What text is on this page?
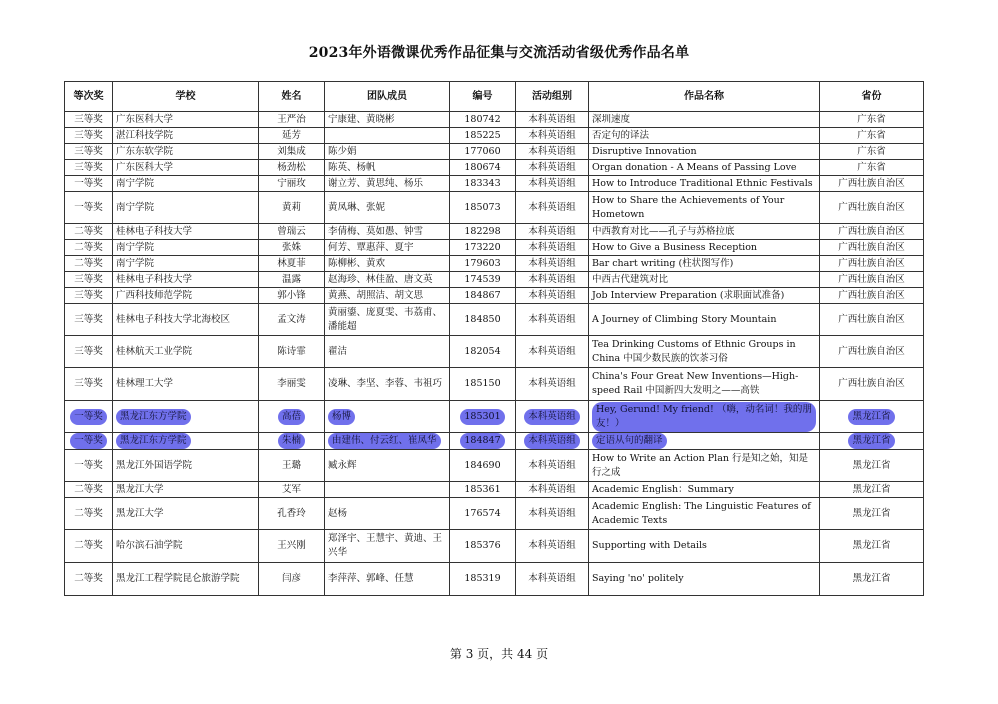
2023年外语微课优秀作品征集与交流活动省级优秀作品名单
等次奖	学校	姓名	团队成员	编号	活动组别	作品名称	省份
三等奖	广东医科大学	王严治	宁康建、黄晓彬	180742	本科英语组	深圳速度	广东省
三等奖	湛江科技学院	延芳		185225	本科英语组	否定句的译法	广东省
三等奖	广东东软学院	刘集成	陈少娟	177060	本科英语组	Disruptive Innovation	广东省
三等奖	广东医科大学	杨劲松	陈英、杨帆	180674	本科英语组	Organ donation - A Means of Passing Love	广东省
一等奖	南宁学院	宁丽玫	谢立芳、黄思纯、杨乐	183343	本科英语组	How to Introduce Traditional Ethnic Festivals	广西壮族自治区
一等奖	南宁学院	黄莉	黄凤琳、张妮	185073	本科英语组	How to Share the Achievements of Your Hometown	广西壮族自治区
二等奖	桂林电子科技大学	曾瑞云	李倩梅、莫如愚、钟雪	182298	本科英语组	中西教育对比——孔子与苏格拉底	广西壮族自治区
二等奖	南宁学院	张姝	何芳、覃惠萍、夏宇	173220	本科英语组	How to Give a Business Reception	广西壮族自治区
二等奖	南宁学院	林夏菲	陈柳彬、黄欢	179603	本科英语组	Bar chart writing (柱状图写作)	广西壮族自治区
三等奖	桂林电子科技大学	温露	赵海珍、林佳盈、唐文英	174539	本科英语组	中西古代建筑对比	广西壮族自治区
三等奖	广西科技师范学院	郭小锋	黄燕、胡照洁、胡文思	184867	本科英语组	Job Interview Preparation (求职面试准备)	广西壮族自治区
三等奖	桂林电子科技大学北海校区	孟文涛	黄丽鎏、庞夏雯、韦荔甫、潘能超	184850	本科英语组	A Journey of Climbing Story Mountain	广西壮族自治区
三等奖	桂林航天工业学院	陈诗霏	翟洁	182054	本科英语组	Tea Drinking Customs of Ethnic Groups in China 中国少数民族的饮茶习俗	广西壮族自治区
三等奖	桂林理工大学	李丽雯	凌琳、李坚、李蓉、韦祖巧	185150	本科英语组	China's Four Great New Inventions—High-speed Rail 中国新四大发明之——高铁	广西壮族自治区
一等奖	黑龙江东方学院	高蓓	杨博	185301	本科英语组	Hey, Gerund! My friend! （嗨，动名词！我的朋友！）	黑龙江省
一等奖	黑龙江东方学院	朱楠	由建伟、付云红、崔凤华	184847	本科英语组	定语从句的翻译	黑龙江省
一等奖	黑龙江外国语学院	王璐	臧永辉	184690	本科英语组	How to Write an Action Plan 行是知之始，知是行之成	黑龙江省
二等奖	黑龙江大学	艾军		185361	本科英语组	Academic English：Summary	黑龙江省
二等奖	黑龙江大学	孔香玲	赵杨	176574	本科英语组	Academic English: The Linguistic Features of Academic Texts	黑龙江省
二等奖	哈尔滨石油学院	王兴刚	郑泽宇、王慧宇、黄迪、王兴华	185376	本科英语组	Supporting with Details	黑龙江省
二等奖	黑龙江工程学院昆仑旅游学院	闫彦	李萍萍、郭峰、任慧	185319	本科英语组	Saying 'no' politely	黑龙江省
第 3 页，共 44 页
